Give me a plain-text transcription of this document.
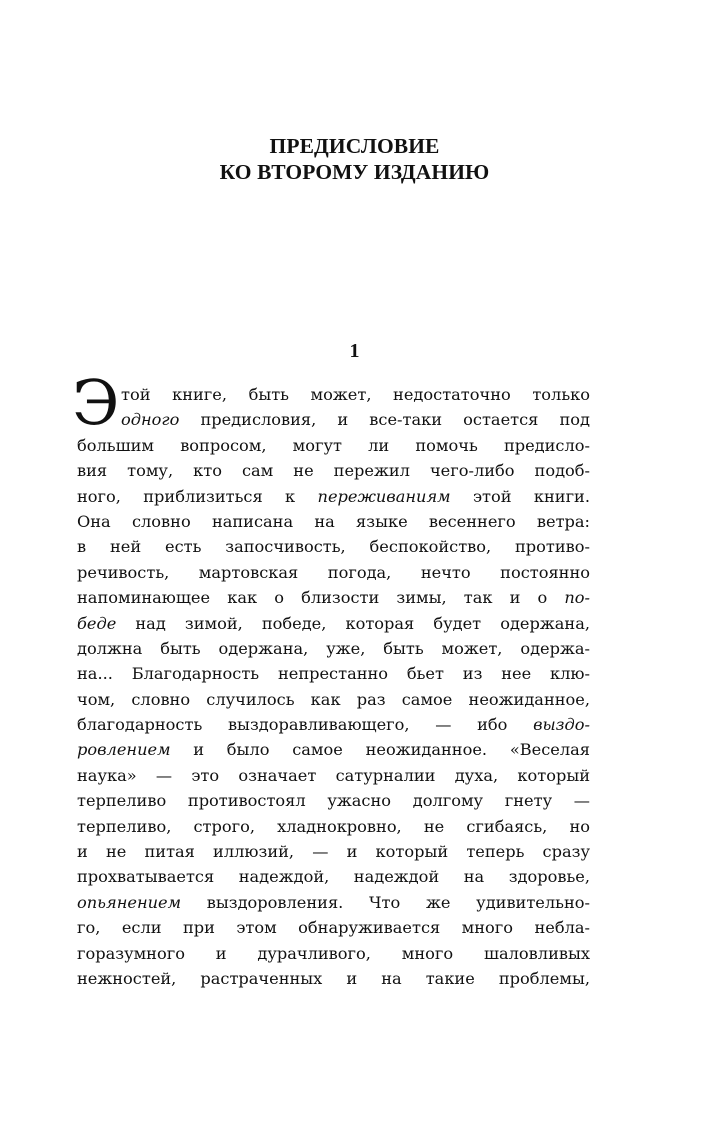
ПРЕДИСЛОВИЕ
КО ВТОРОМУ ИЗДАНИЮ
1
Э той книге, быть может, недостаточно только
одного предисловия, и все-таки остается под
большим вопросом, могут ли помочь предисло-
вия тому, кто сам не пережил чего-либо подоб-
ного, приблизиться к переживаниям этой книги.
Она словно написана на языке весеннего ветра:
в ней есть запосчивость, беспокойство, противо-
речивость, мартовская погода, нечто постоянно
напоминающее как о близости зимы, так и о по-
беде над зимой, победе, которая будет одержана,
должна быть одержана, уже, быть может, одержа-
на... Благодарность непрестанно бьет из нее клю-
чом, словно случилось как раз самое неожиданное,
благодарность выздоравливающего, — ибо выздо-
ровлением и было самое неожиданное. «Веселая
наука» — это означает сатурналии духа, который
терпеливо противостоял ужасно долгому гнету —
терпеливо, строго, хладнокровно, не сгибаясь, но
и не питая иллюзий, — и который теперь сразу
прохватывается надеждой, надеждой на здоровье,
опьянением выздоровления. Что же удивительно-
го, если при этом обнаруживается много небла-
горазумного и дурачливого, много шаловливых
нежностей, растраченных и на такие проблемы,
